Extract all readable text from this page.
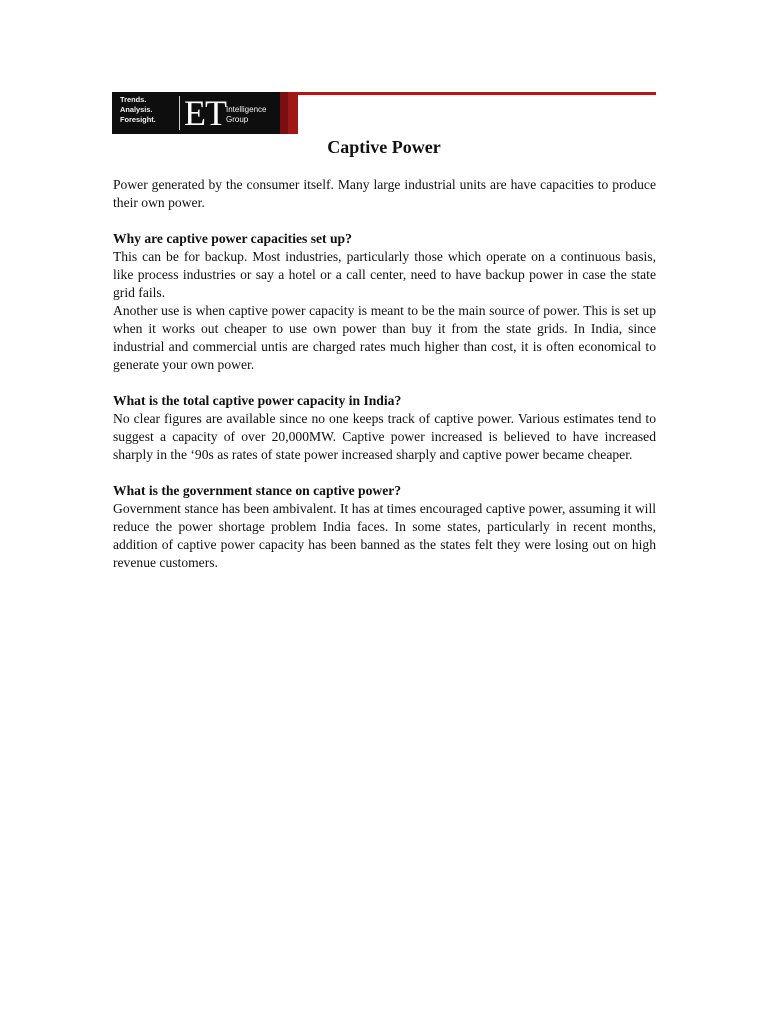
Trends.
Analysis.
Foresight. ET Intelligence
Group
Captive Power

Power generated by the consumer itself. Many large industrial units are have capacities to produce their own power.

Why are captive power capacities set up?

This can be for backup. Most industries, particularly those which operate on a continuous basis, like process industries or say a hotel or a call center, need to have backup power in case the state grid fails.

Another use is when captive power capacity is meant to be the main source of power. This is set up when it works out cheaper to use own power than buy it from the state grids. In India, since industrial and commercial untis are charged rates much higher than cost, it is often economical to generate your own power.

What is the total captive power capacity in India?

No clear figures are available since no one keeps track of captive power. Various estimates tend to suggest a capacity of over 20,000MW. Captive power increased is believed to have increased sharply in the ‘90s as rates of state power increased sharply and captive power became cheaper.

What is the government stance on captive power?

Government stance has been ambivalent. It has at times encouraged captive power, assuming it will reduce the power shortage problem India faces. In some states, particularly in recent months, addition of captive power capacity has been banned as the states felt they were losing out on high revenue customers.
